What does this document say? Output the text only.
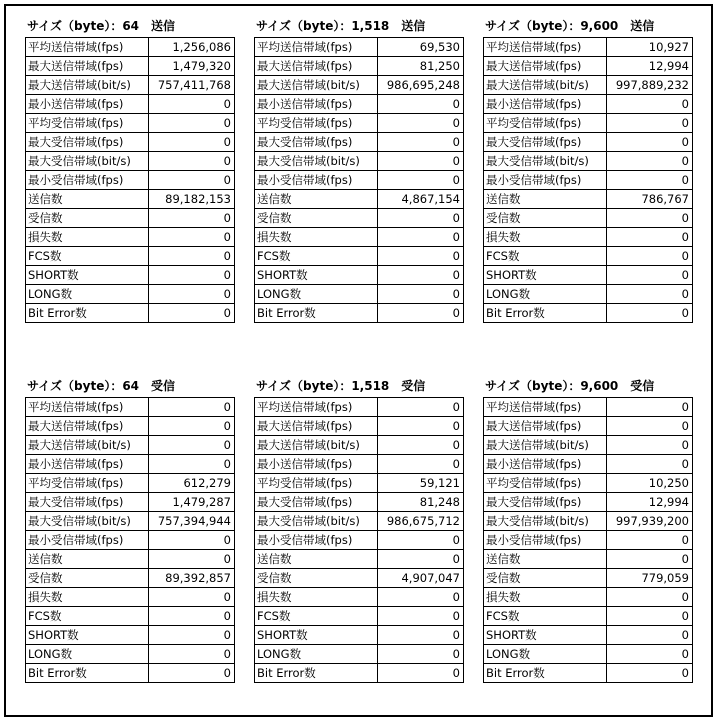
サイズ（byte）：64　送信
平均送信帯域(fps)	1,256,086
最大送信帯域(fps)	1,479,320
最大送信帯域(bit/s)	757,411,768
最小送信帯域(fps)	0
平均受信帯域(fps)	0
最大受信帯域(fps)	0
最大受信帯域(bit/s)	0
最小受信帯域(fps)	0
送信数	89,182,153
受信数	0
損失数	0
FCS数	0
SHORT数	0
LONG数	0
Bit Error数	0
サイズ（byte）：1,518　送信
平均送信帯域(fps)	69,530
最大送信帯域(fps)	81,250
最大送信帯域(bit/s)	986,695,248
最小送信帯域(fps)	0
平均受信帯域(fps)	0
最大受信帯域(fps)	0
最大受信帯域(bit/s)	0
最小受信帯域(fps)	0
送信数	4,867,154
受信数	0
損失数	0
FCS数	0
SHORT数	0
LONG数	0
Bit Error数	0
サイズ（byte）：9,600　送信
平均送信帯域(fps)	10,927
最大送信帯域(fps)	12,994
最大送信帯域(bit/s)	997,889,232
最小送信帯域(fps)	0
平均受信帯域(fps)	0
最大受信帯域(fps)	0
最大受信帯域(bit/s)	0
最小受信帯域(fps)	0
送信数	786,767
受信数	0
損失数	0
FCS数	0
SHORT数	0
LONG数	0
Bit Error数	0
サイズ（byte）：64　受信
平均送信帯域(fps)	0
最大送信帯域(fps)	0
最大送信帯域(bit/s)	0
最小送信帯域(fps)	0
平均受信帯域(fps)	612,279
最大受信帯域(fps)	1,479,287
最大受信帯域(bit/s)	757,394,944
最小受信帯域(fps)	0
送信数	0
受信数	89,392,857
損失数	0
FCS数	0
SHORT数	0
LONG数	0
Bit Error数	0
サイズ（byte）：1,518　受信
平均送信帯域(fps)	0
最大送信帯域(fps)	0
最大送信帯域(bit/s)	0
最小送信帯域(fps)	0
平均受信帯域(fps)	59,121
最大受信帯域(fps)	81,248
最大受信帯域(bit/s)	986,675,712
最小受信帯域(fps)	0
送信数	0
受信数	4,907,047
損失数	0
FCS数	0
SHORT数	0
LONG数	0
Bit Error数	0
サイズ（byte）：9,600　受信
平均送信帯域(fps)	0
最大送信帯域(fps)	0
最大送信帯域(bit/s)	0
最小送信帯域(fps)	0
平均受信帯域(fps)	10,250
最大受信帯域(fps)	12,994
最大受信帯域(bit/s)	997,939,200
最小受信帯域(fps)	0
送信数	0
受信数	779,059
損失数	0
FCS数	0
SHORT数	0
LONG数	0
Bit Error数	0
